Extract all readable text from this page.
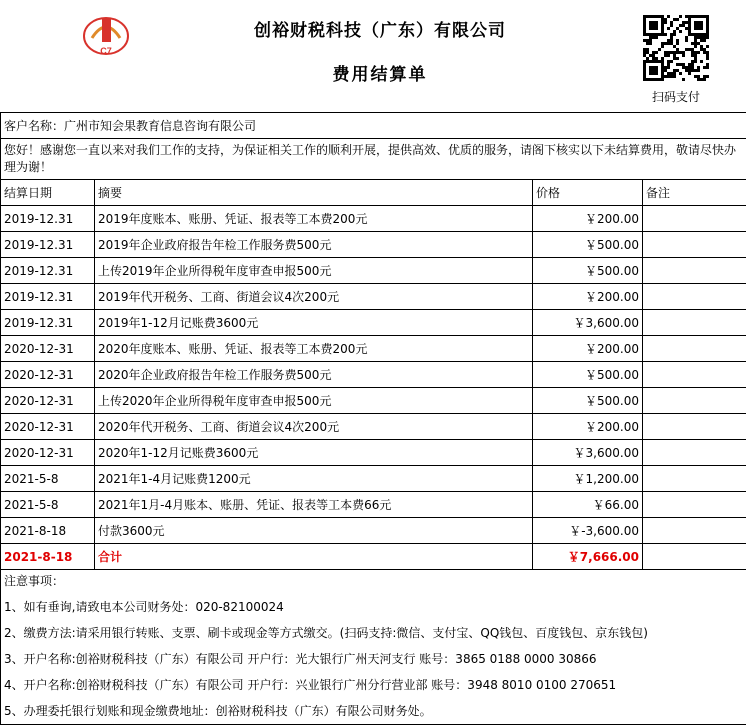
C7
创裕财税科技（广东）有限公司
费用结算单
扫码支付
客户名称：广州市知会果教育信息咨询有限公司			
您好！感谢您一直以来对我们工作的支持，为保证相关工作的顺利开展，提供高效、优质的服务，请阁下核实以下未结算费用，敬请尽快办理为谢！			
结算日期	摘要	价格	备注
2019-12.31	2019年度账本、账册、凭证、报表等工本费200元	￥200.00	
2019-12.31	2019年企业政府报告年检工作服务费500元	￥500.00	
2019-12.31	上传2019年企业所得税年度审查申报500元	￥500.00	
2019-12.31	2019年代开税务、工商、街道会议4次200元	￥200.00	
2019-12.31	2019年1-12月记账费3600元	￥3,600.00	
2020-12-31	2020年度账本、账册、凭证、报表等工本费200元	￥200.00	
2020-12-31	2020年企业政府报告年检工作服务费500元	￥500.00	
2020-12-31	上传2020年企业所得税年度审查申报500元	￥500.00	
2020-12-31	2020年代开税务、工商、街道会议4次200元	￥200.00	
2020-12-31	2020年1-12月记账费3600元	￥3,600.00	
2021-5-8	2021年1-4月记账费1200元	￥1,200.00	
2021-5-8	2021年1月-4月账本、账册、凭证、报表等工本费66元	￥66.00	
2021-8-18	付款3600元	￥-3,600.00	
2021-8-18	合计	￥7,666.00	
注意事项：
1、如有垂询,请致电本公司财务处：020-82100024
2、缴费方法:请采用银行转账、支票、刷卡或现金等方式缴交。(扫码支持:微信、支付宝、QQ钱包、百度钱包、京东钱包)
3、开户名称:创裕财税科技（广东）有限公司 开户行：光大银行广州天河支行 账号：3865 0188 0000 30866
4、开户名称:创裕财税科技（广东）有限公司 开户行：兴业银行广州分行营业部 账号：3948 8010 0100 270651
5、办理委托银行划账和现金缴费地址：创裕财税科技（广东）有限公司财务处。
